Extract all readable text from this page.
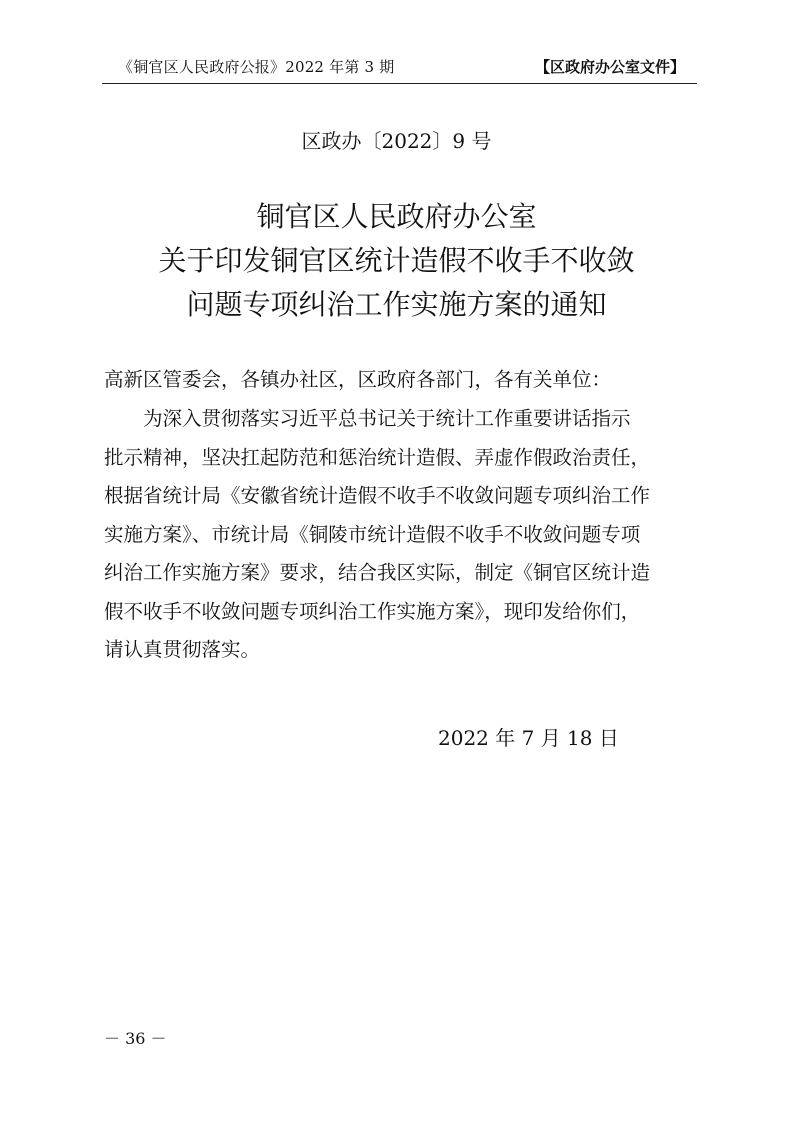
《铜官区人民政府公报》2022 年第 3 期	【区政府办公室文件】
区政办〔2022〕9 号
铜官区人民政府办公室
关于印发铜官区统计造假不收手不收敛
问题专项纠治工作实施方案的通知
高新区管委会，各镇办社区，区政府各部门，各有关单位：
　　为深入贯彻落实习近平总书记关于统计工作重要讲话指示
批示精神，坚决扛起防范和惩治统计造假、弄虚作假政治责任，
根据省统计局《安徽省统计造假不收手不收敛问题专项纠治工作
实施方案》、市统计局《铜陵市统计造假不收手不收敛问题专项
纠治工作实施方案》要求，结合我区实际，制定《铜官区统计造
假不收手不收敛问题专项纠治工作实施方案》，现印发给你们，
请认真贯彻落实。
2022 年 7 月 18 日
－ 36 －
